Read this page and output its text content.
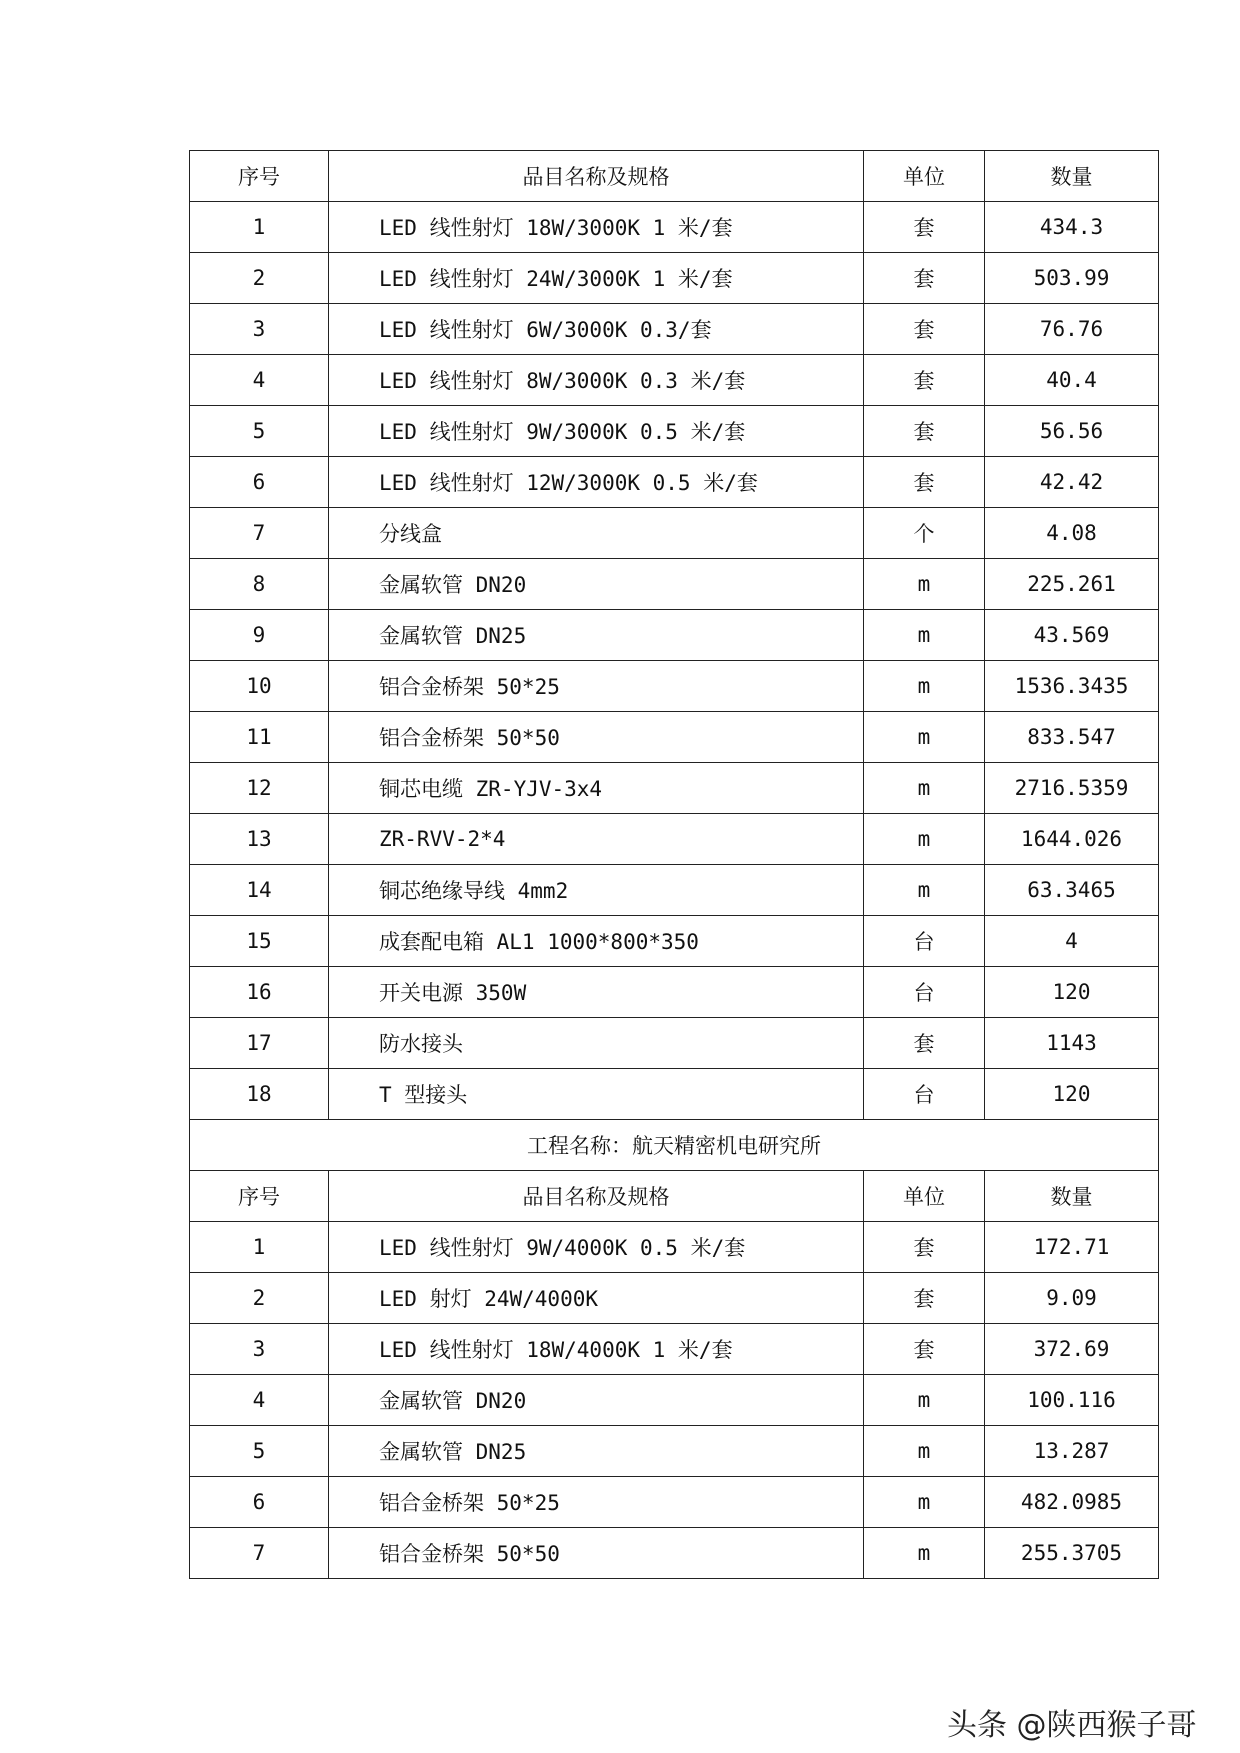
序号	品目名称及规格	单位	数量
1	LED 线性射灯 18W/3000K 1 米/套	套	434.3
2	LED 线性射灯 24W/3000K 1 米/套	套	503.99
3	LED 线性射灯 6W/3000K 0.3/套	套	76.76
4	LED 线性射灯 8W/3000K 0.3 米/套	套	40.4
5	LED 线性射灯 9W/3000K 0.5 米/套	套	56.56
6	LED 线性射灯 12W/3000K 0.5 米/套	套	42.42
7	分线盒	个	4.08
8	金属软管 DN20	m	225.261
9	金属软管 DN25	m	43.569
10	铝合金桥架 50*25	m	1536.3435
11	铝合金桥架 50*50	m	833.547
12	铜芯电缆 ZR-YJV-3x4	m	2716.5359
13	ZR-RVV-2*4	m	1644.026
14	铜芯绝缘导线 4mm2	m	63.3465
15	成套配电箱 AL1 1000*800*350	台	4
16	开关电源 350W	台	120
17	防水接头	套	1143
18	T 型接头	台	120
工程名称：航天精密机电研究所			
序号	品目名称及规格	单位	数量
1	LED 线性射灯 9W/4000K 0.5 米/套	套	172.71
2	LED 射灯 24W/4000K	套	9.09
3	LED 线性射灯 18W/4000K 1 米/套	套	372.69
4	金属软管 DN20	m	100.116
5	金属软管 DN25	m	13.287
6	铝合金桥架 50*25	m	482.0985
7	铝合金桥架 50*50	m	255.3705
头条 @陕西猴子哥
